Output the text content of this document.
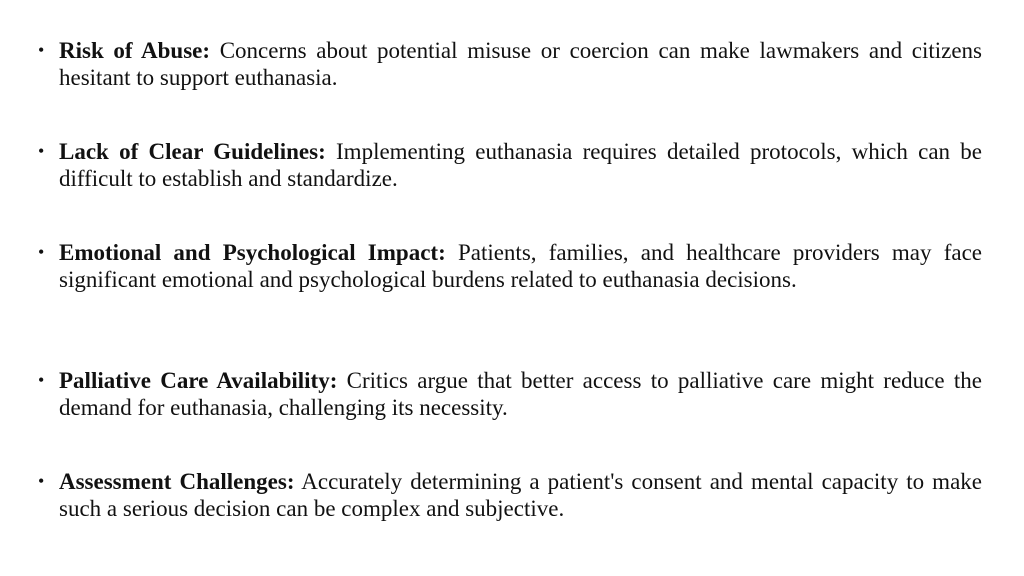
• Risk of Abuse: Concerns about potential misuse or coercion can make lawmakers and citizens hesitant to support euthanasia.

• Lack of Clear Guidelines: Implementing euthanasia requires detailed protocols, which can be difficult to establish and standardize.

• Emotional and Psychological Impact: Patients, families, and healthcare providers may face significant emotional and psychological burdens related to euthanasia decisions.

• Palliative Care Availability: Critics argue that better access to palliative care might reduce the demand for euthanasia, challenging its necessity.

• Assessment Challenges: Accurately determining a patient's consent and mental capacity to make such a serious decision can be complex and subjective.
